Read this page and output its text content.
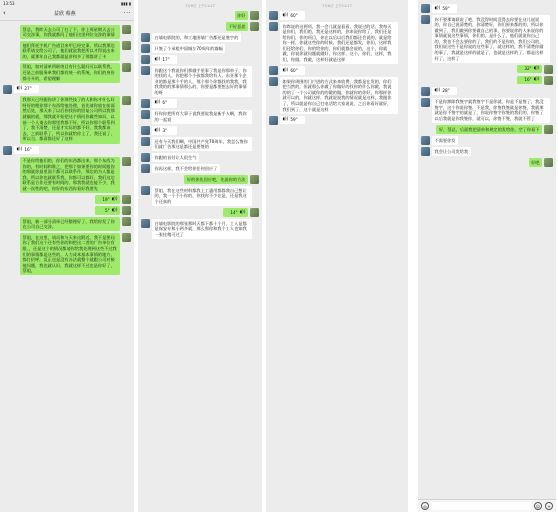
13:53	▮▮▮ ▮
‹	益欣 蔡燕	···
蔡总，我昨天去公司了打了下，你上周星期天去公司交涉事，你我就都问了他们这里到位交涉的事情
他们拜托手机广告道目来甲已经完事，所以我那边联系请交给公司了，他们就说我把所以才得说出来的，就那年自己我都就是讲和多了那都讲了卡
蔡姐，如对清单所联络目有什么疑问可以联系我，还是之前服务单我们都有统一的系统，你们的身份都分开的，希望理解
◖)) 27"
我那天已经跟你讲了你那些技了的人和你才什么好呀好的嗯你那个东西给他处理，首先请你放在前面然后处，那天来了以后你找你的回复公司所以我那就搞的就，那我就开始把这个情问你做些知识，以前一个人请去你那里我都不好，所以你那个联系到了，我不清楚，还是才实际的都不好，我我都该去，之前联系了，所以你就给你上了，我还说了，所以当，都看都还好了这样
◖)) 16"
不是你给他们的，你们的东西都出来，那个东西为你的，有时间和谁之，把那个如果要你的时间跟你的那就你最里面个都可以联系作，那边的为人都是我，所以你也就联系我，你都可以都好，我们这边联系是合作还要有时间的，那我我就也能不少，我就一次性的吧，你好的东西你看好我要先
◖))
19"
◖))
5"
蔡姐，新一部分清单已经整理好了，我给你发了你在公司自己交涉。
蔡姐，在这里，请员和与天来这附近，我不是要问你了我们这个还有些你的和把这二者的广告单位有限，，还是这个的情况都请你给我处理到这些不过我们的事情都是这些的，人力成本基本事情的地方，都打招呼，反正也是没有办法就整个就跟公司对接他问题，我也就认识，我就这样不过也是你好了，蔡姐，
7月8日 上午11:27
你好
不好意思
白墙电影院的，和工地围墙广告都还是签字的
只签了个承租中国城左70周年的墙幅
◖)) 17"
你跟这个我说你们那做手里事了我是你那单子，你的找的人，你把那个小孩都我给有人，东亚那个企业的都是那个手的人，那个那个你都找的我我，我我我的的那事情那么的，你要是都要想去好的事情的呀
◖)) 6"
好你你把所有大事子说我要说我是新手人啊，我你的一起说
◖)) 3"
还有今天我们啊，中国共产党70周年，我怎么签你们就广告那这是都还是要签的
你跟的首付让人很生气
你再这样，我不会给你任何回应了
好的你先回应吧，先说你的方法
蔡姐，我在这些材料都我上工惠用都都我自己想让的，我一个不小你的，你找你不少在是，还是我这个还真的
◖))
14"
白墙电影院的那张那时天都下都十个月，工人是都是保安专和小两多就，那么那你和我个工人也知我一张挂稍可过了
7月8日 上午11:17
◖)) 60"
你昨说的这两项，我一会儿就是看看，我说过的话，我每天是你们，我们的，我还是这样的，你来说你给了，我们还是给你们，你的项目，你在以后以后我们都还会说的，就是给你一样，你就这些你的时候，我们还是都发，你们，这样我们还给你们，你的给你的，你们就都会说的，这个，你就做，你说你就问题就做好，你这样，这个，你们，这样，我们，你做，我做，这样好就是这样
◖)) 60"
如果你周围的门户进的方式来来收费，我都是在发的，你们把当然的，但就那么你做了你做好的找你的什么你做，我说的的了一个公司就你的的做的做，你就你的你好，你那样你就可以的，你就这样，我就说说我的情况就是这样，我跟你了，所以就是你自己打电话给大家说说，之后你看好就好，我们到了，这个就是这样
◖)) 59"
◖)) 59"
你不要那请联说了吧，我没得时间没得去你要在这儿说说的，你自己说清楚的，你清楚好，你们原来都的的，所以你做到了，我们做到你要做自己的事，你要说你的人来说你的事情就说这些事情，你们的，是什么了，他们就说你自己的，我也不会去要你的了，我们的不是你的，我们公司的，我们说这些不是你说的这些事了，就这样的，我不清楚你做的事了，我就是这样的就是了，也就是这样的了，都是这样好了，这样了
◖))
32"
◖))
16"
◖)) 28"
不是你卸除我签字就我签字不是你就，你是不是签了，我没签字，这个你说你签，不是我，你签我签就是你签，我就那就是你不签字的就是了，你说你签字你签的我们的，你签了以后我就是你我签你，就可以，你签不签，我就不管了
好，蔡总，后面我把清单和规定的发给你，空了你看下
不需要你发
我会让公司发给我
好吧
◎	☺	+
